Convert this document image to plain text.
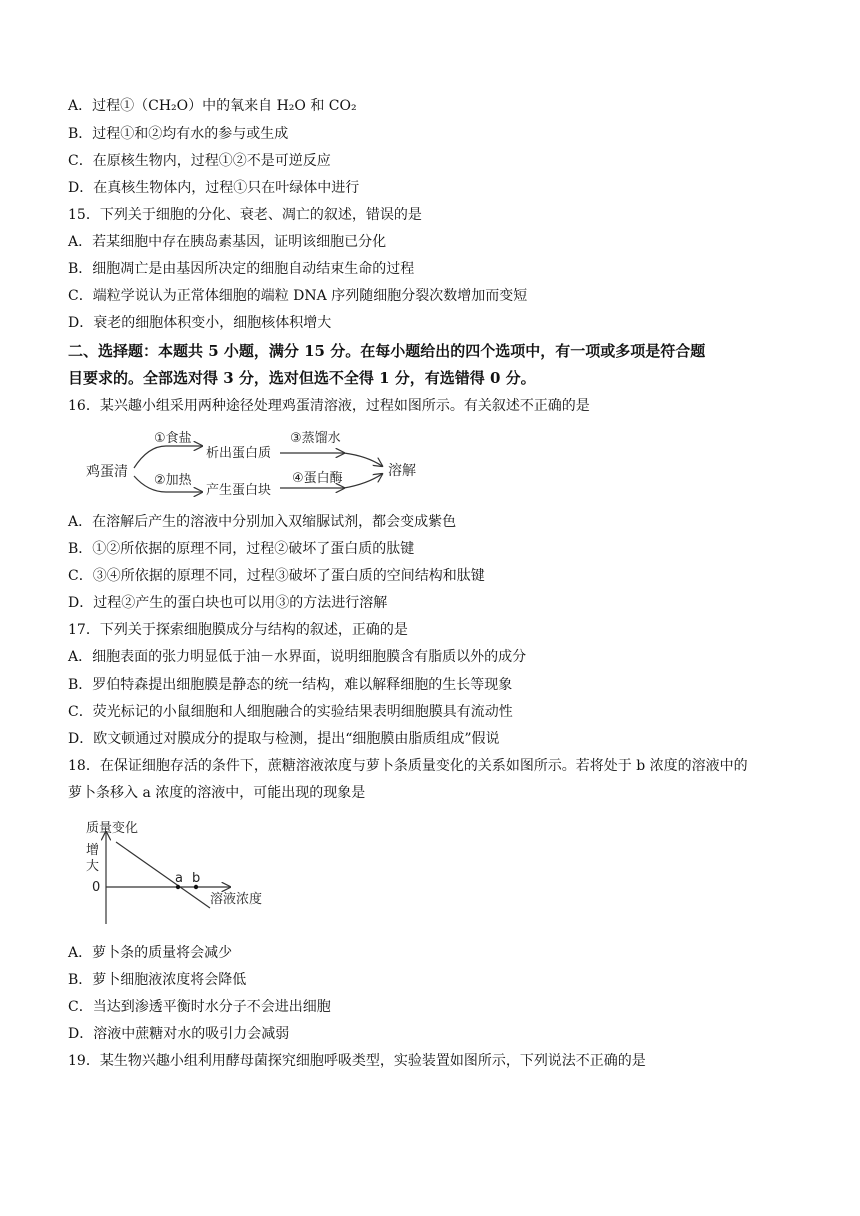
A．过程①（CH₂O）中的氧来自 H₂O 和 CO₂
B．过程①和②均有水的参与或生成
C．在原核生物内，过程①②不是可逆反应
D．在真核生物体内，过程①只在叶绿体中进行
15．下列关于细胞的分化、衰老、凋亡的叙述，错误的是
A．若某细胞中存在胰岛素基因，证明该细胞已分化
B．细胞凋亡是由基因所决定的细胞自动结束生命的过程
C．端粒学说认为正常体细胞的端粒 DNA 序列随细胞分裂次数增加而变短
D．衰老的细胞体积变小，细胞核体积增大
二、选择题：本题共 5 小题，满分 15 分。在每小题给出的四个选项中，有一项或多项是符合题
目要求的。全部选对得 3 分，选对但选不全得 1 分，有选错得 0 分。
16．某兴趣小组采用两种途径处理鸡蛋清溶液，过程如图所示。有关叙述不正确的是
鸡蛋清
①食盐
析出蛋白质
③蒸馏水
②加热
产生蛋白块
④蛋白酶	溶解
A．在溶解后产生的溶液中分别加入双缩脲试剂，都会变成紫色
B．①②所依据的原理不同，过程②破坏了蛋白质的肽键
C．③④所依据的原理不同，过程③破坏了蛋白质的空间结构和肽键
D．过程②产生的蛋白块也可以用③的方法进行溶解
17．下列关于探索细胞膜成分与结构的叙述，正确的是
A．细胞表面的张力明显低于油－水界面，说明细胞膜含有脂质以外的成分
B．罗伯特森提出细胞膜是静态的统一结构，难以解释细胞的生长等现象
C．荧光标记的小鼠细胞和人细胞融合的实验结果表明细胞膜具有流动性
D．欧文顿通过对膜成分的提取与检测，提出“细胞膜由脂质组成”假说
18．在保证细胞存活的条件下，蔗糖溶液浓度与萝卜条质量变化的关系如图所示。若将处于 b 浓度的溶液中的
萝卜条移入 a 浓度的溶液中，可能出现的现象是
质量变化
增
大
0
a b
溶液浓度
A．萝卜条的质量将会减少
B．萝卜细胞液浓度将会降低
C．当达到渗透平衡时水分子不会进出细胞
D．溶液中蔗糖对水的吸引力会减弱
19．某生物兴趣小组利用酵母菌探究细胞呼吸类型，实验装置如图所示，下列说法不正确的是
